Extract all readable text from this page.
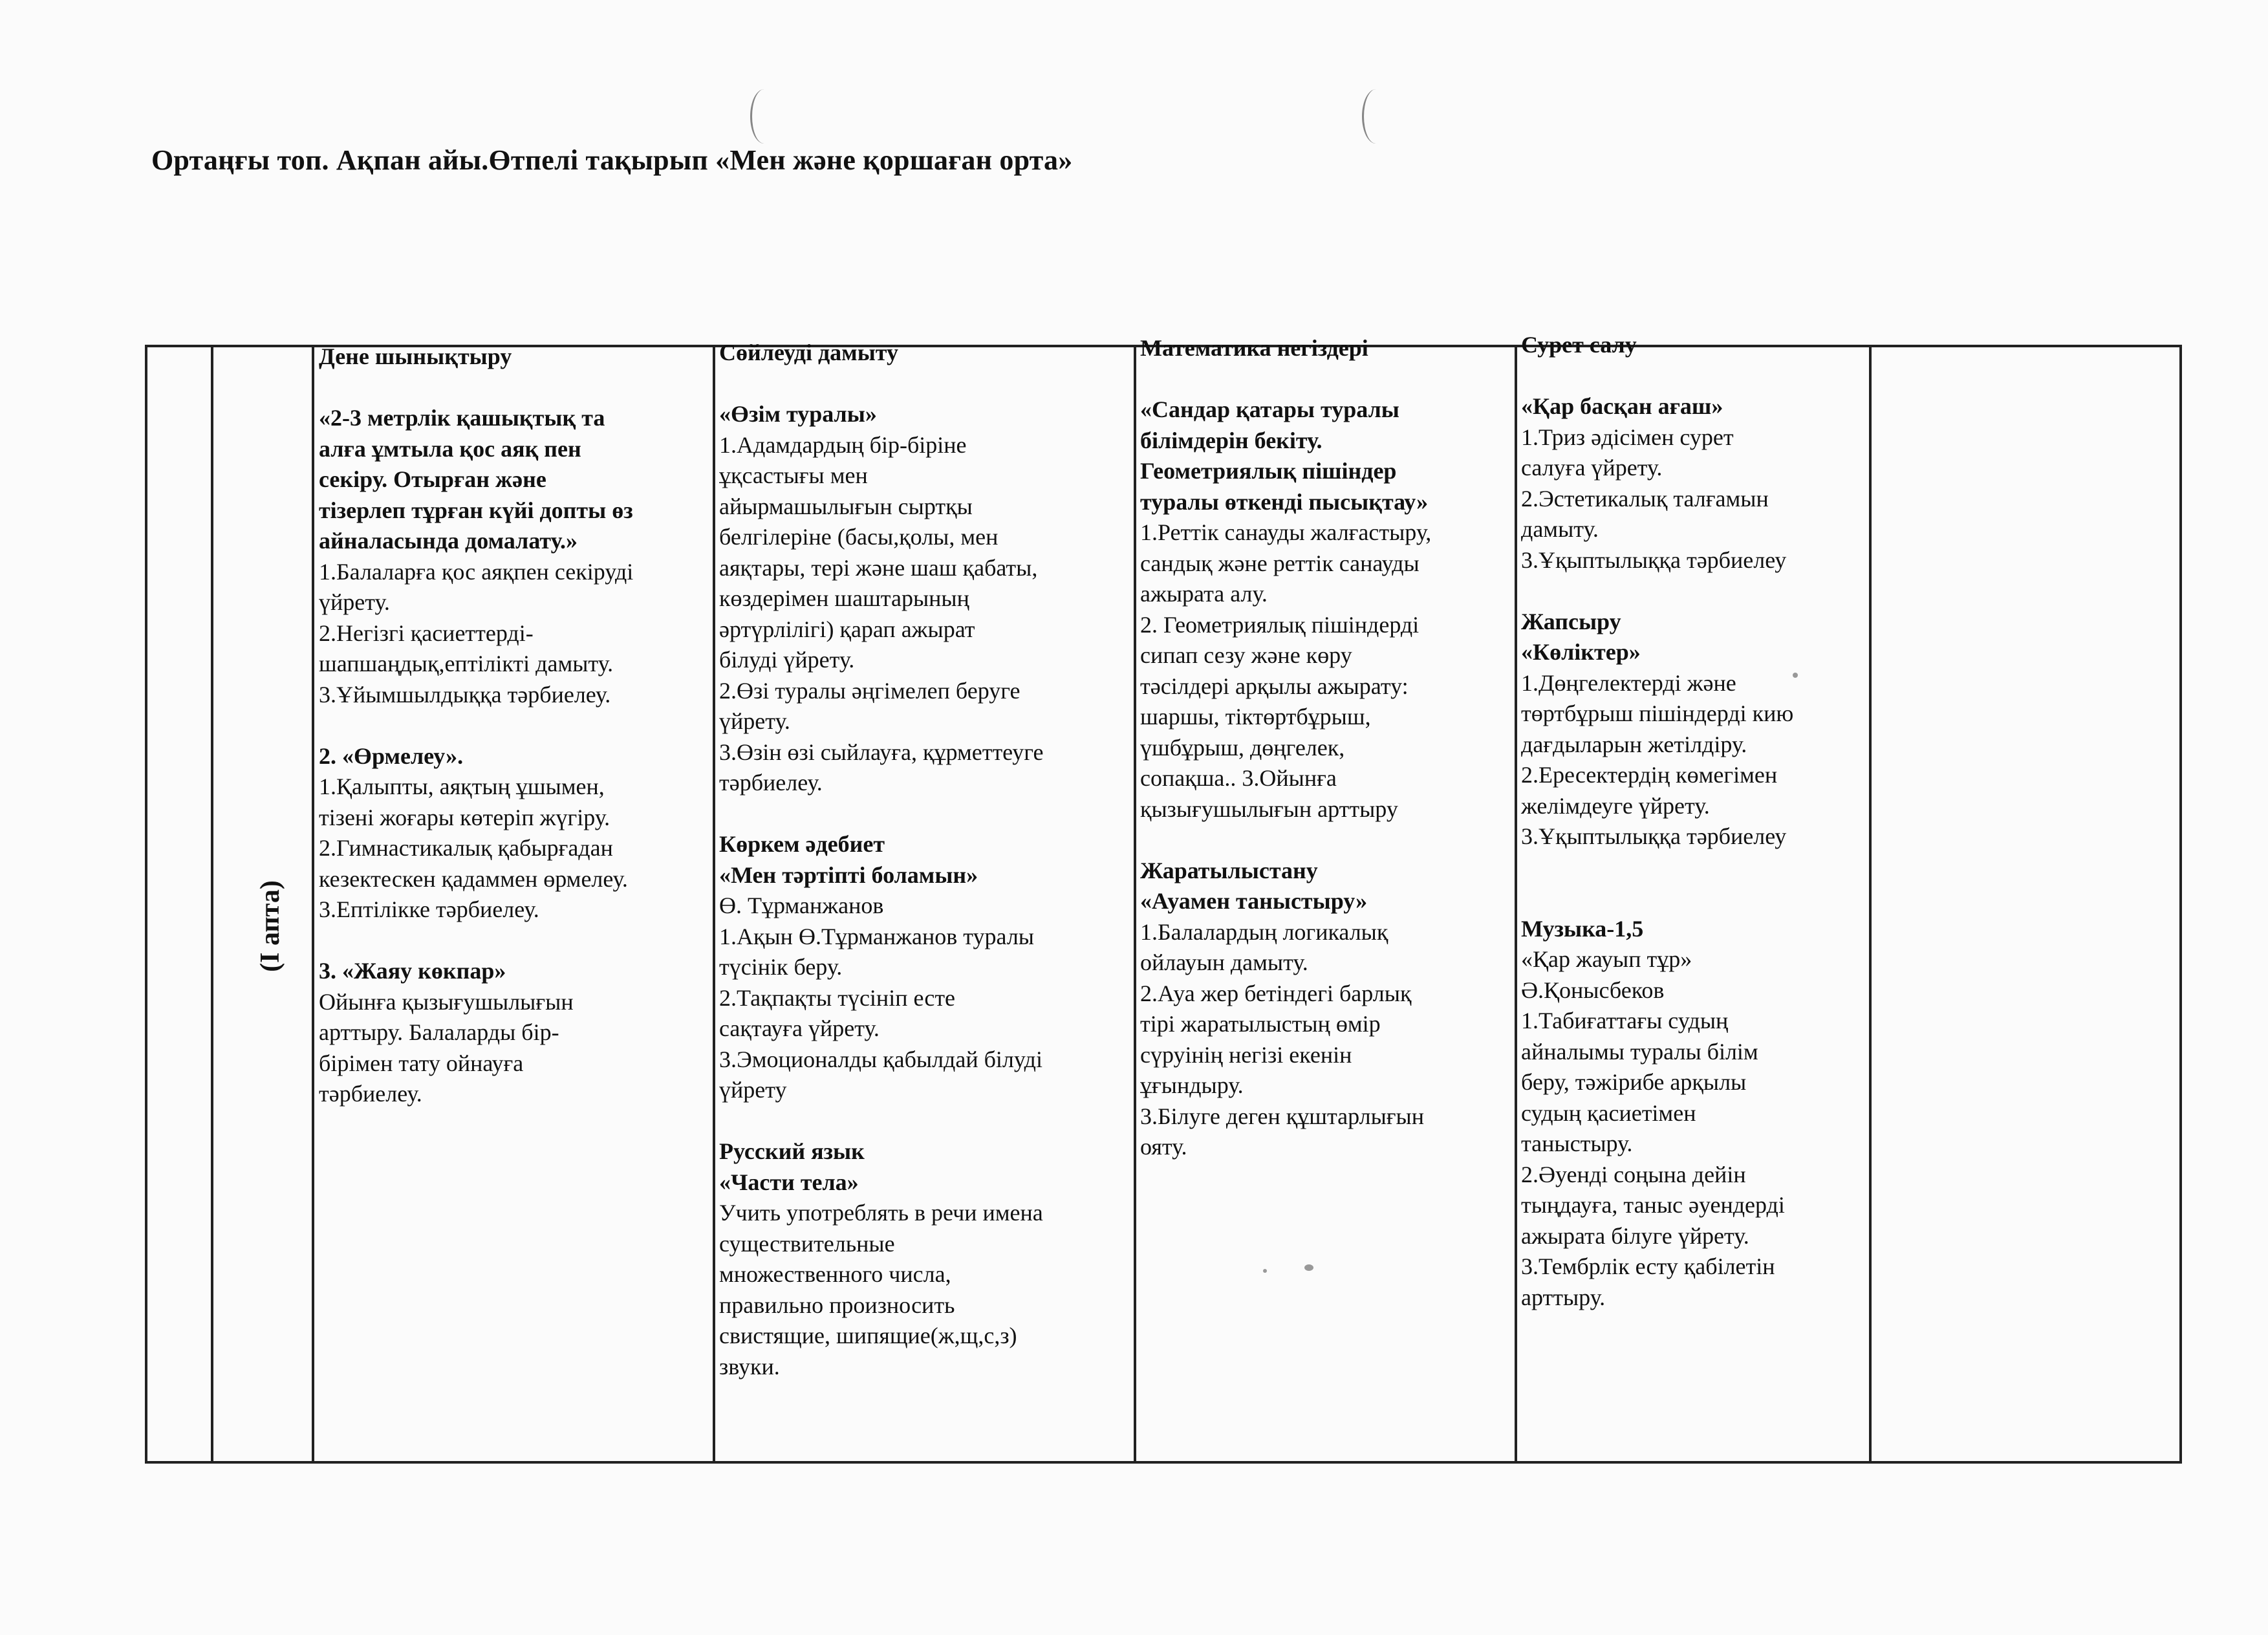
Ортаңғы топ. Ақпан айы.Өтпелі тақырып «Мен және қоршаған орта»
(I апта)
Дене шынықтыру
«2-3 метрлік қашықтық та
алға ұмтыла қос аяқ пен
секіру. Отырған және
тізерлеп тұрған күйі допты өз
айналасында домалату.»
1.Балаларға қос аяқпен секіруді
үйрету.
2.Негізгі қасиеттерді-
шапшаңдық,ептілікті дамыту.
3.Ұйымшылдыққа тәрбиелеу.
2. «Өрмелеу».
1.Қалыпты, аяқтың ұшымен,
тізені жоғары көтеріп жүгіру.
2.Гимнастикалық қабырғадан
кезектескен қадаммен өрмелеу.
3.Ептілікке тәрбиелеу.
3. «Жаяу көкпар»
Ойынға қызығушылығын
арттыру. Балаларды бір-
бірімен тату ойнауға
тәрбиелеу.
Сөйлеуді дамыту
«Өзім туралы»
1.Адамдардың бір-біріне
ұқсастығы мен
айырмашылығын сыртқы
белгілеріне (басы,қолы, мен
аяқтары, тері және шаш қабаты,
көздерімен шаштарының
әртүрлілігі) қарап ажырат
білуді үйрету.
2.Өзі туралы әңгімелеп беруге
үйрету.
3.Өзін өзі сыйлауға, құрметтеуге
тәрбиелеу.
Көркем әдебиет
«Мен тәртіпті боламын»
Ө. Тұрманжанов
1.Ақын Ө.Тұрманжанов туралы
түсінік беру.
2.Тақпақты түсініп есте
сақтауға үйрету.
3.Эмоционалды қабылдай білуді
үйрету
Русский язык
«Части тела»
Учить употреблять в речи имена
существительные
множественного числа,
правильно произносить
свистящие, шипящие(ж,щ,с,з)
звуки.
Математика негіздері
«Сандар қатары туралы
білімдерін бекіту.
Геометриялық пішіндер
туралы өткенді пысықтау»
1.Реттік санауды жалғастыру,
сандық және реттік санауды
ажырата алу.
2. Геометриялық пішіндерді
сипап сезу және көру
тәсілдері арқылы ажырату:
шаршы, тіктөртбұрыш,
үшбұрыш, дөңгелек,
сопақша.. 3.Ойынға
қызығушылығын арттыру
Жаратылыстану
«Ауамен таныстыру»
1.Балалардың логикалық
ойлауын дамыту.
2.Ауа жер бетіндегі барлық
тірі жаратылыстың өмір
сүруінің негізі екенін
ұғындыру.
3.Білуге деген құштарлығын
ояту.
Сурет салу
«Қар басқан ағаш»
1.Триз әдісімен сурет
салуға үйрету.
2.Эстетикалық талғамын
дамыту.
3.Ұқыптылыққа тәрбиелеу
Жапсыру
«Көліктер»
1.Дөңгелектерді және
төртбұрыш пішіндерді кию
дағдыларын жетілдіру.
2.Ересектердің көмегімен
желімдеуге үйрету.
3.Ұқыптылыққа тәрбиелеу
Музыка-1,5
«Қар жауып тұр»
Ә.Қонысбеков
1.Табиғаттағы судың
айналымы туралы білім
беру, тәжірибе арқылы
судың қасиетімен
таныстыру.
2.Әуенді соңына дейін
тыңдауға, таныс әуендерді
ажырата білуге үйрету.
3.Тембрлік есту қабілетін
арттыру.
